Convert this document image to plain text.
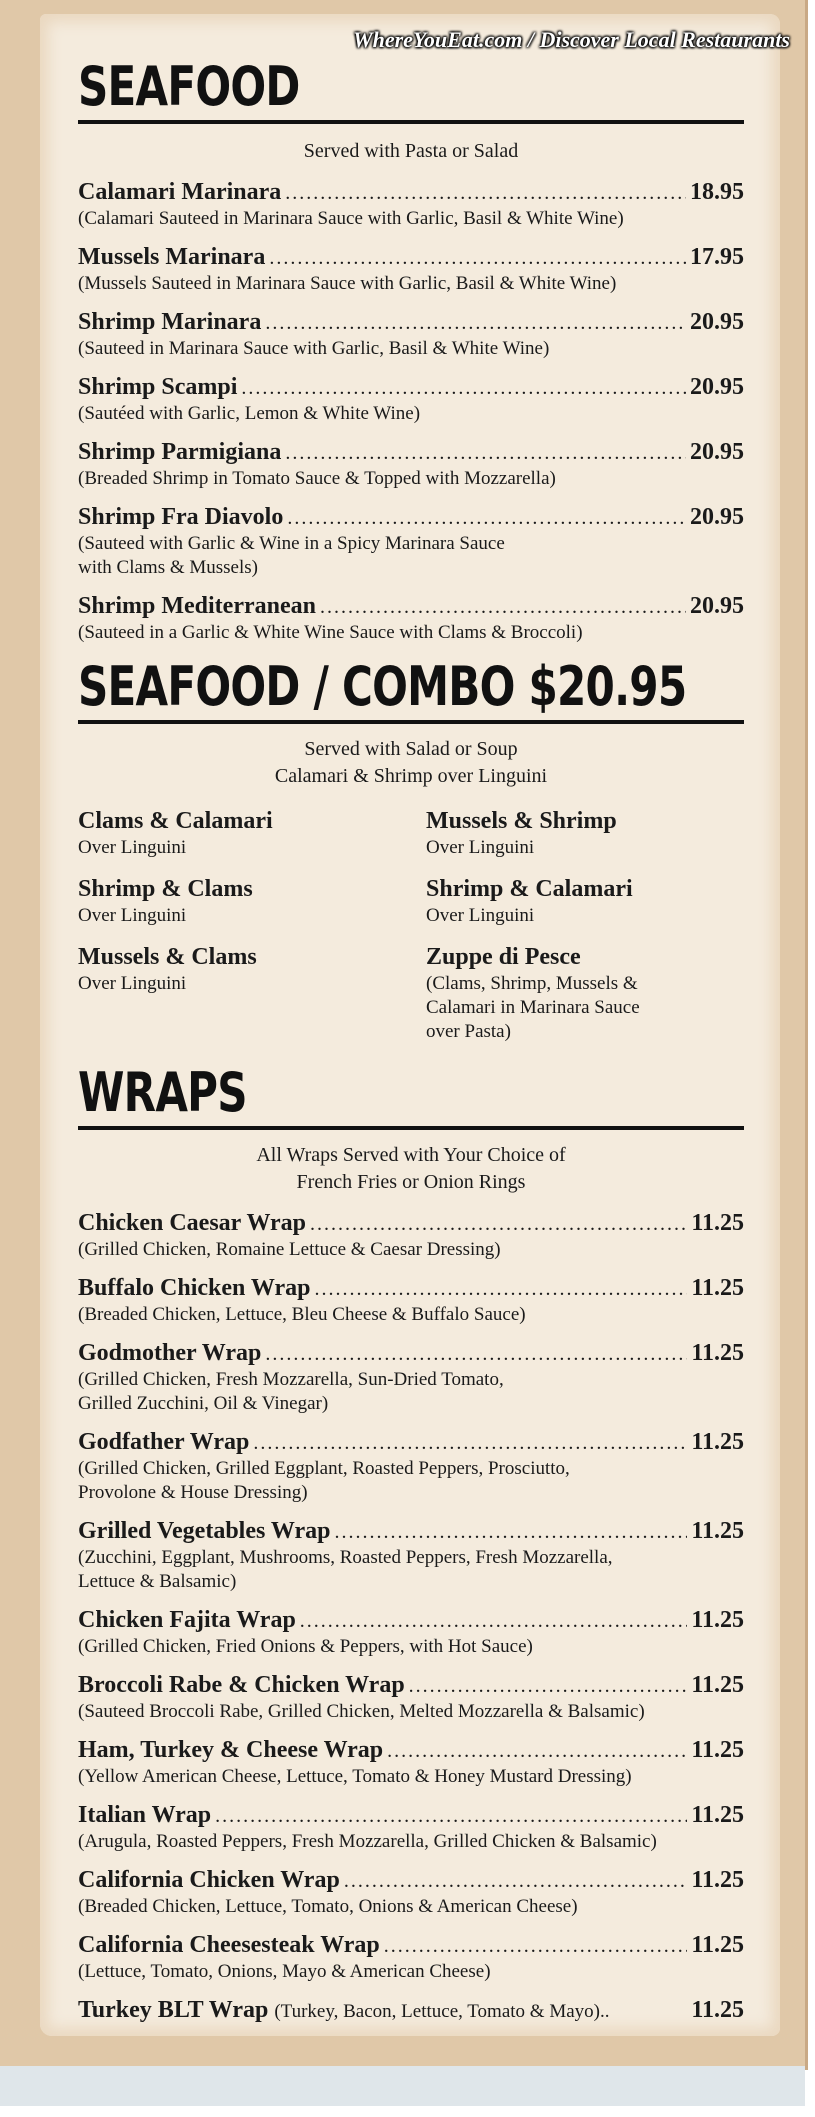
WhereYouEat.com / Discover Local Restaurants
SEAFOOD
Served with Pasta or Salad
Calamari Marinara .....	18.95
(Calamari Sauteed in Marinara Sauce with Garlic, Basil & White Wine)
Mussels Marinara .....	17.95
(Mussels Sauteed in Marinara Sauce with Garlic, Basil & White Wine)
Shrimp Marinara .....	20.95
(Sauteed in Marinara Sauce with Garlic, Basil & White Wine)
Shrimp Scampi .....	20.95
(Sautéed with Garlic, Lemon & White Wine)
Shrimp Parmigiana .....	20.95
(Breaded Shrimp in Tomato Sauce & Topped with Mozzarella)
Shrimp Fra Diavolo .....	20.95
(Sauteed with Garlic & Wine in a Spicy Marinara Sauce
with Clams & Mussels)
Shrimp Mediterranean .....	20.95
(Sauteed in a Garlic & White Wine Sauce with Clams & Broccoli)
SEAFOOD / COMBO $20.95
Served with Salad or Soup
Calamari & Shrimp over Linguini
Clams & Calamari
Over Linguini
Mussels & Shrimp
Over Linguini
Shrimp & Clams
Over Linguini
Shrimp & Calamari
Over Linguini
Mussels & Clams
Over Linguini
Zuppe di Pesce
(Clams, Shrimp, Mussels &
Calamari in Marinara Sauce
over Pasta)
WRAPS
All Wraps Served with Your Choice of
French Fries or Onion Rings
Chicken Caesar Wrap .....	11.25
(Grilled Chicken, Romaine Lettuce & Caesar Dressing)
Buffalo Chicken Wrap .....	11.25
(Breaded Chicken, Lettuce, Bleu Cheese & Buffalo Sauce)
Godmother Wrap .....	11.25
(Grilled Chicken, Fresh Mozzarella, Sun-Dried Tomato,
Grilled Zucchini, Oil & Vinegar)
Godfather Wrap .....	11.25
(Grilled Chicken, Grilled Eggplant, Roasted Peppers, Prosciutto,
Provolone & House Dressing)
Grilled Vegetables Wrap .....	11.25
(Zucchini, Eggplant, Mushrooms, Roasted Peppers, Fresh Mozzarella,
Lettuce & Balsamic)
Chicken Fajita Wrap .....	11.25
(Grilled Chicken, Fried Onions & Peppers, with Hot Sauce)
Broccoli Rabe & Chicken Wrap .....	11.25
(Sauteed Broccoli Rabe, Grilled Chicken, Melted Mozzarella & Balsamic)
Ham, Turkey & Cheese Wrap .....	11.25
(Yellow American Cheese, Lettuce, Tomato & Honey Mustard Dressing)
Italian Wrap .....	11.25
(Arugula, Roasted Peppers, Fresh Mozzarella, Grilled Chicken & Balsamic)
California Chicken Wrap .....	11.25
(Breaded Chicken, Lettuce, Tomato, Onions & American Cheese)
California Cheesesteak Wrap .....	11.25
(Lettuce, Tomato, Onions, Mayo & American Cheese)
Turkey BLT Wrap (Turkey, Bacon, Lettuce, Tomato & Mayo)..	11.25
